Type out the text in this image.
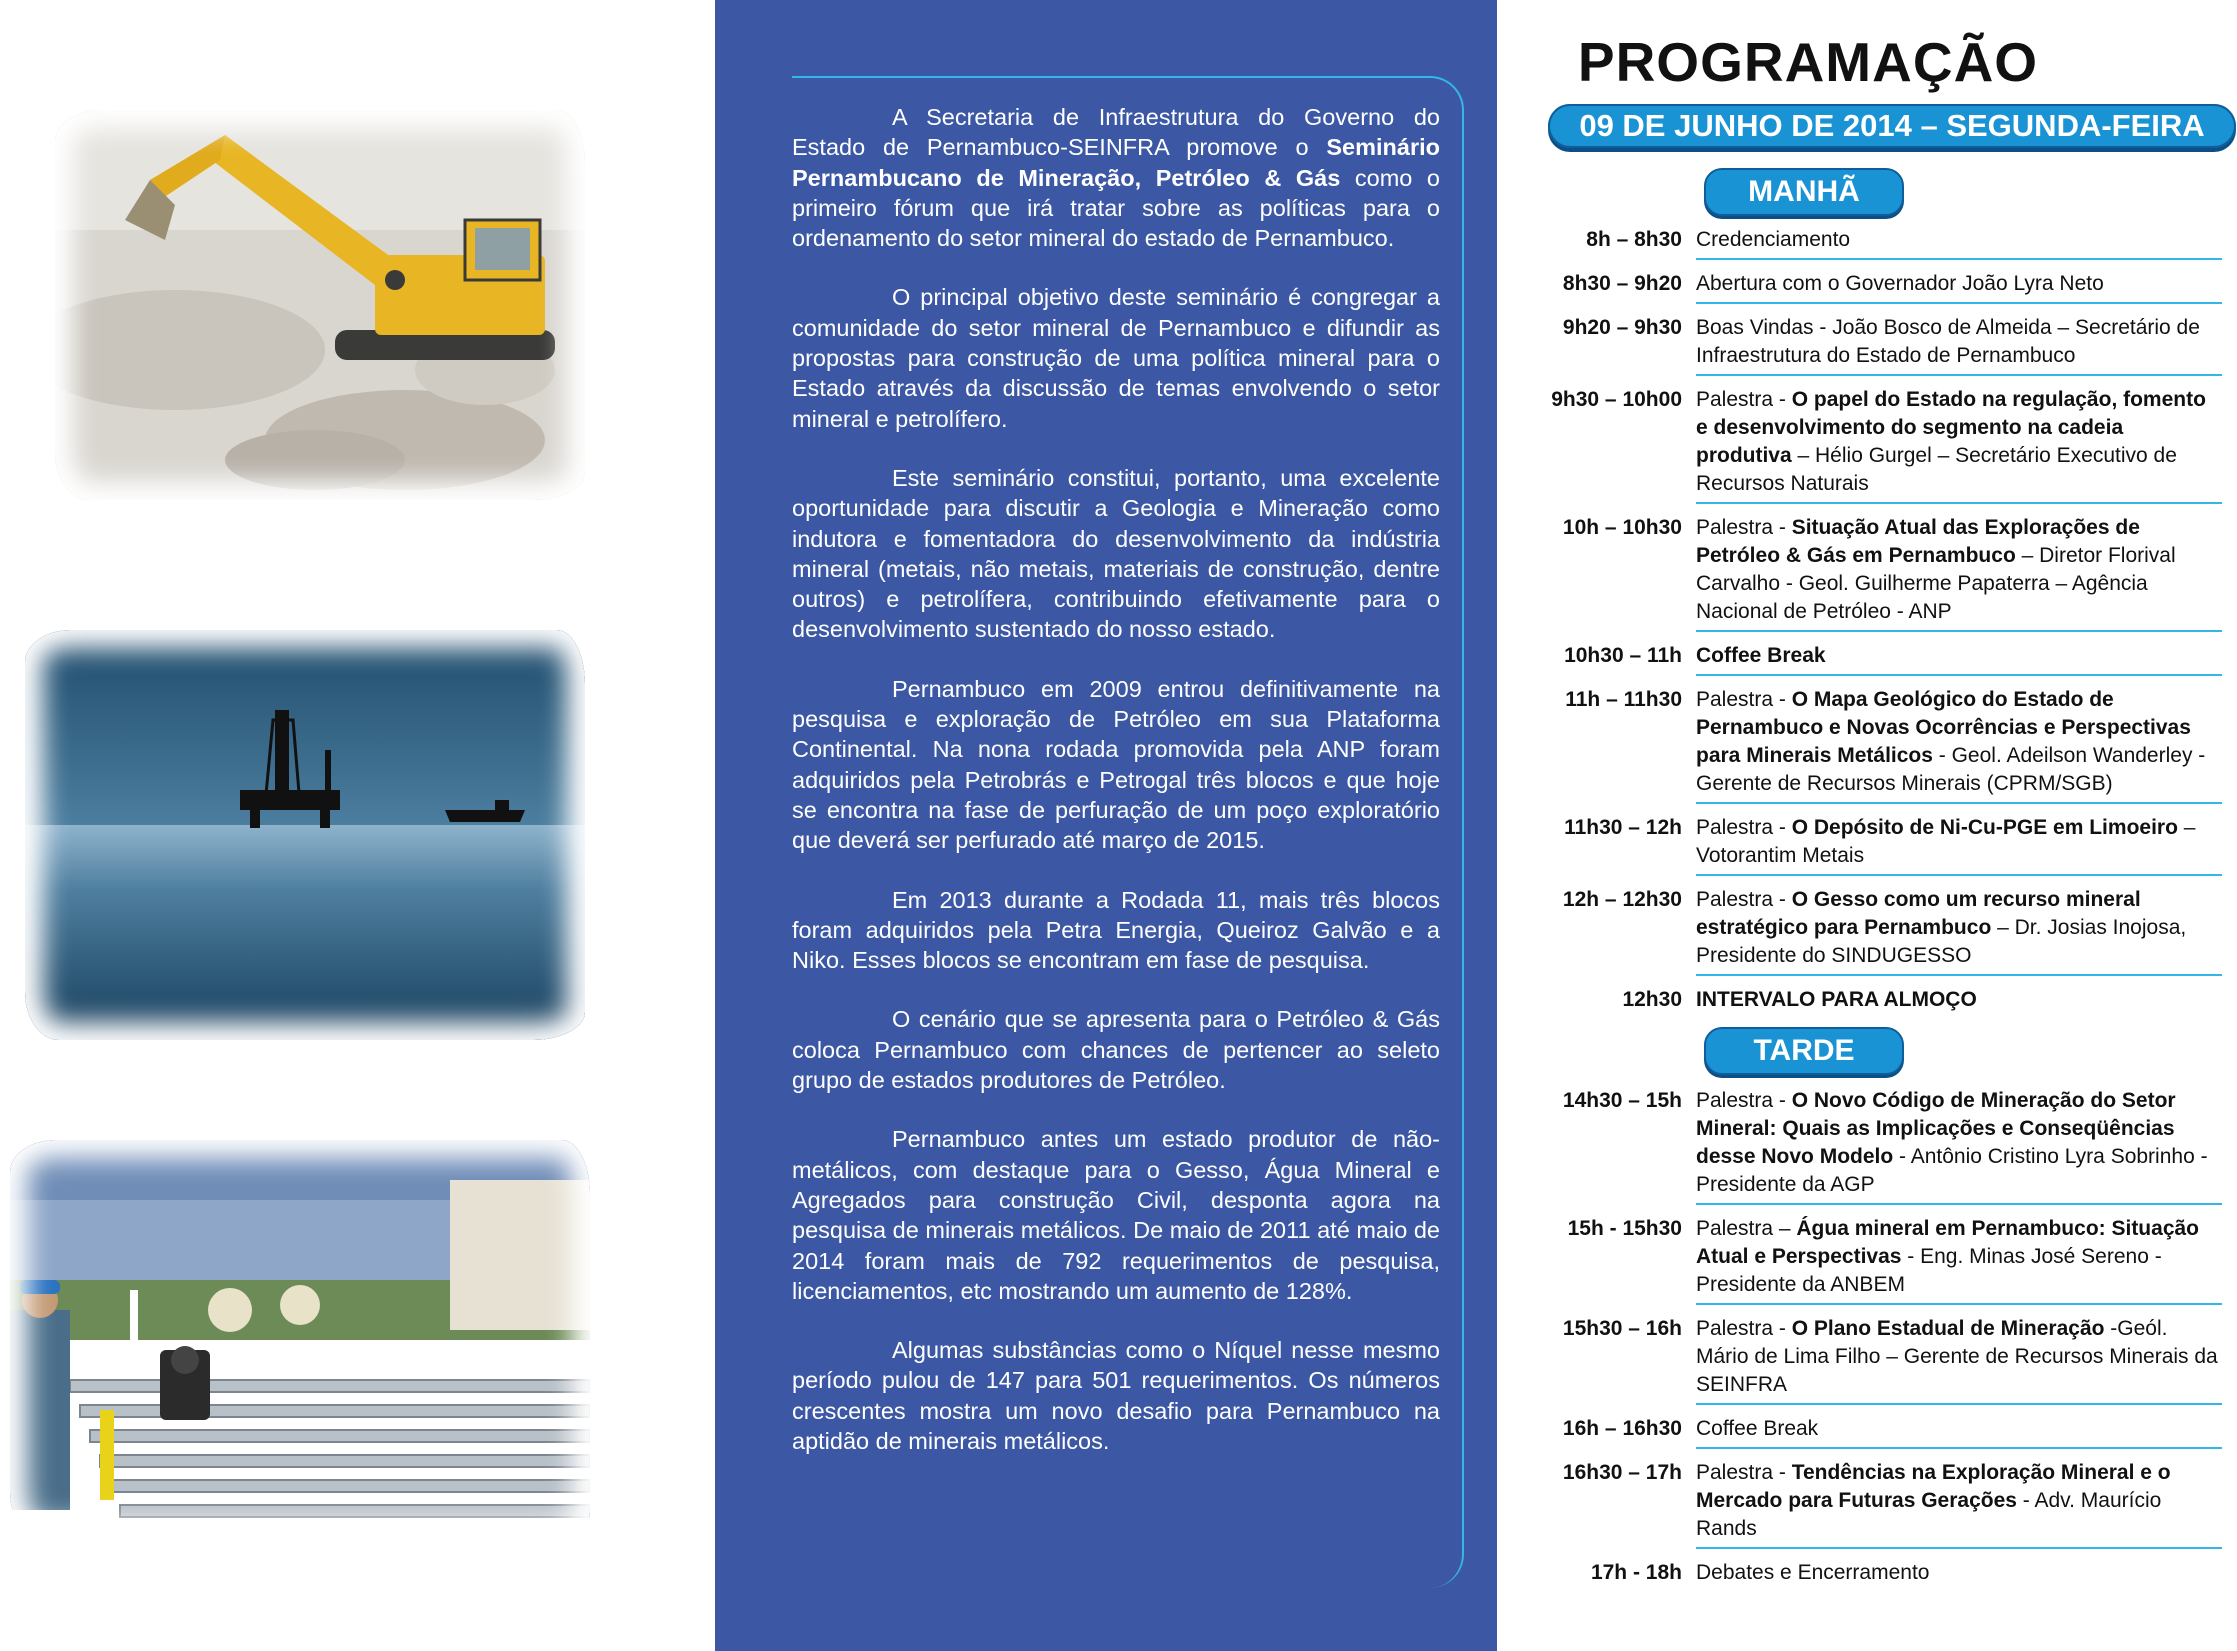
A Secretaria de Infraestrutura do Governo do Estado de Pernambuco-SEINFRA promove o Seminário Pernambucano de Mineração, Petróleo & Gás como o primeiro fórum que irá tratar sobre as políticas para o ordenamento do setor mineral do estado de Pernambuco.

O principal objetivo deste seminário é congregar a comunidade do setor mineral de Pernambuco e difundir as propostas para construção de uma política mineral para o Estado através da discussão de temas envolvendo o setor mineral e petrolífero.

Este seminário constitui, portanto, uma excelente oportunidade para discutir a Geologia e Mineração como indutora e fomentadora do desenvolvimento da indústria mineral (metais, não metais, materiais de construção, dentre outros) e petrolífera, contribuindo efetivamente para o desenvolvimento sustentado do nosso estado.

Pernambuco em 2009 entrou definitivamente na pesquisa e exploração de Petróleo em sua Plataforma Continental. Na nona rodada promovida pela ANP foram adquiridos pela Petrobrás e Petrogal três blocos e que hoje se encontra na fase de perfuração de um poço exploratório que deverá ser perfurado até março de 2015.

Em 2013 durante a Rodada 11, mais três blocos foram adquiridos pela Petra Energia, Queiroz Galvão e a Niko. Esses blocos se encontram em fase de pesquisa.

O cenário que se apresenta para o Petróleo & Gás coloca Pernambuco com chances de pertencer ao seleto grupo de estados produtores de Petróleo.

Pernambuco antes um estado produtor de não-metálicos, com destaque para o Gesso, Água Mineral e Agregados para construção Civil, desponta agora na pesquisa de minerais metálicos. De maio de 2011 até maio de 2014 foram mais de 792 requerimentos de pesquisa, licenciamentos, etc mostrando um aumento de 128%.

Algumas substâncias como o Níquel nesse mesmo período pulou de 147 para 501 requerimentos. Os números crescentes mostra um novo desafio para Pernambuco na aptidão de minerais metálicos.

PROGRAMAÇÃO
09 DE JUNHO DE 2014 – SEGUNDA-FEIRA
MANHÃ
8h – 8h30 Credenciamento
8h30 – 9h20 Abertura com o Governador João Lyra Neto
9h20 – 9h30 Boas Vindas - João Bosco de Almeida – Secretário de Infraestrutura do Estado de Pernambuco
9h30 – 10h00 Palestra - O papel do Estado na regulação, fomento e desenvolvimento do segmento na cadeia produtiva – Hélio Gurgel – Secretário Executivo de Recursos Naturais
10h – 10h30 Palestra - Situação Atual das Explorações de Petróleo & Gás em Pernambuco – Diretor Florival Carvalho - Geol. Guilherme Papaterra – Agência Nacional de Petróleo - ANP
10h30 – 11h Coffee Break
11h – 11h30 Palestra - O Mapa Geológico do Estado de Pernambuco e Novas Ocorrências e Perspectivas para Minerais Metálicos - Geol. Adeilson Wanderley - Gerente de Recursos Minerais (CPRM/SGB)
11h30 – 12h Palestra - O Depósito de Ni-Cu-PGE em Limoeiro – Votorantim Metais
12h – 12h30 Palestra - O Gesso como um recurso mineral estratégico para Pernambuco – Dr. Josias Inojosa, Presidente do SINDUGESSO
12h30 INTERVALO PARA ALMOÇO
TARDE
14h30 – 15h Palestra - O Novo Código de Mineração do Setor Mineral: Quais as Implicações e Conseqüências desse Novo Modelo - Antônio Cristino Lyra Sobrinho - Presidente da AGP
15h - 15h30 Palestra – Água mineral em Pernambuco: Situação Atual e Perspectivas - Eng. Minas José Sereno - Presidente da ANBEM
15h30 – 16h Palestra - O Plano Estadual de Mineração -Geól. Mário de Lima Filho – Gerente de Recursos Minerais da SEINFRA
16h – 16h30 Coffee Break
16h30 – 17h Palestra - Tendências na Exploração Mineral e o Mercado para Futuras Gerações - Adv. Maurício Rands
17h - 18h Debates e Encerramento
